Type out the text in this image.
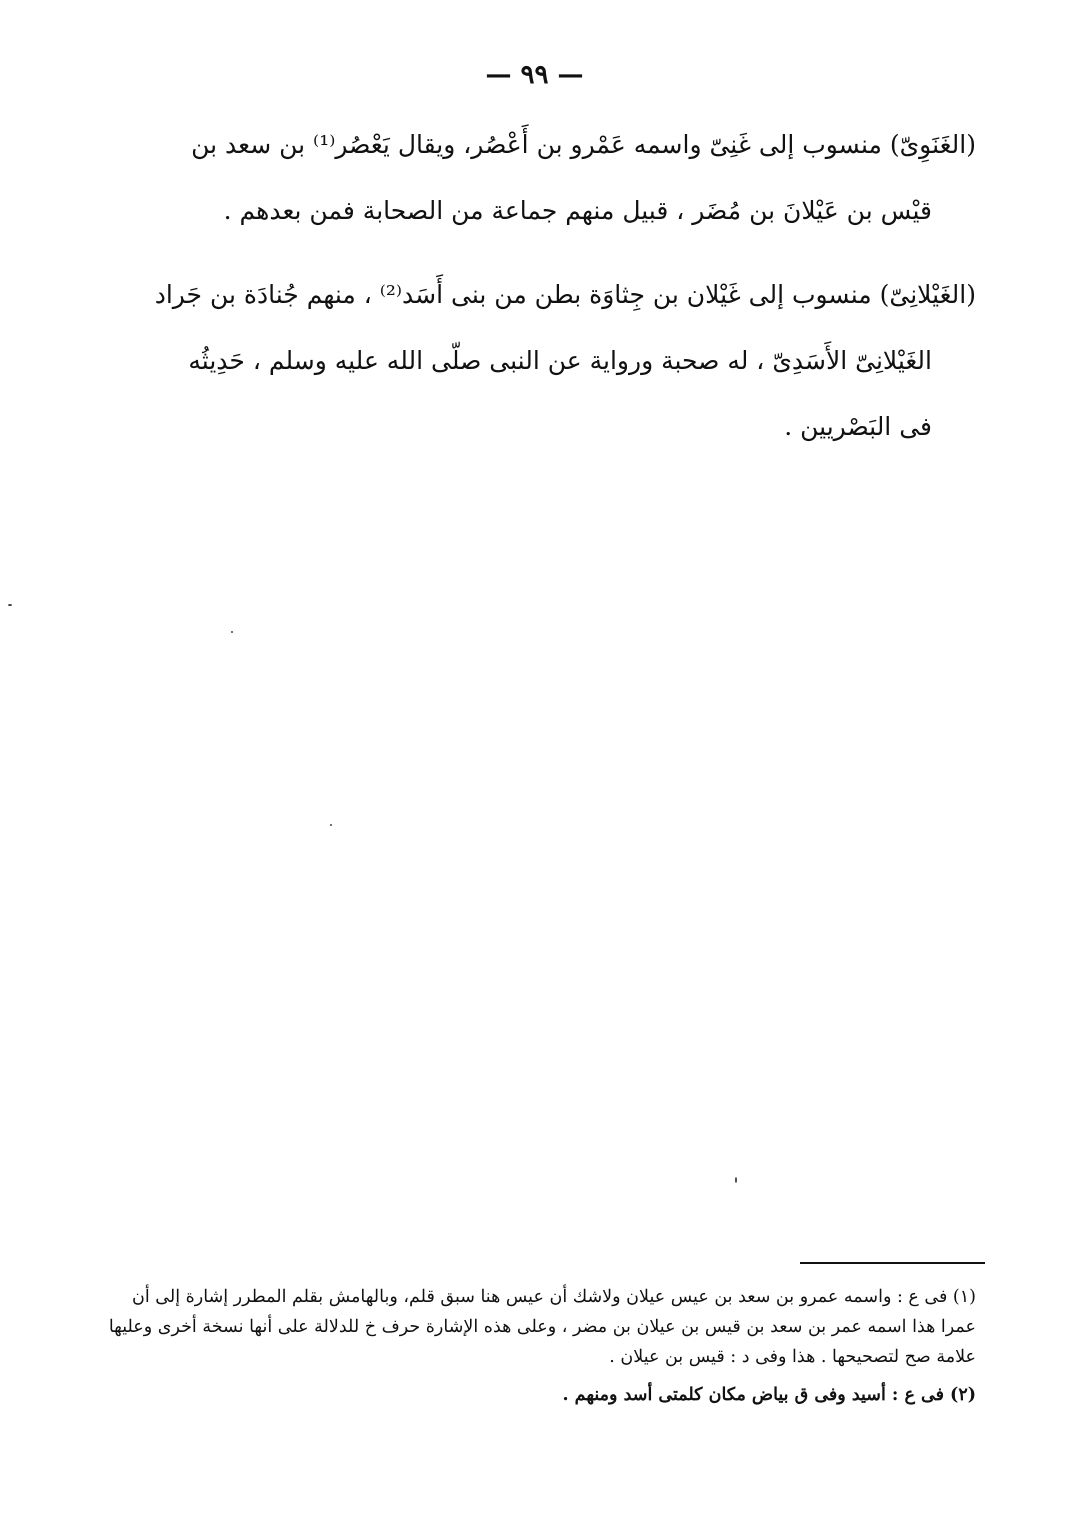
— ٩٩ —
(الغَنَوِىّ) منسوب إلى غَنِىّ واسمه عَمْرو بن أَعْصُر، ويقال يَعْصُر⁽¹⁾ بن سعد بن
قيْس بن عَيْلانَ بن مُضَر ، قبيل منهم جماعة من الصحابة فمن بعدهم .
(الغَيْلانِىّ) منسوب إلى غَيْلان بن جِثاوَة بطن من بنى أَسَد⁽²⁾ ، منهم جُنادَة بن جَراد
الغَيْلانِىّ الأَسَدِىّ ، له صحبة ورواية عن النبى صلّى الله عليه وسلم ، حَدِيثُه
فى البَصْريين .
(١) فى ع : واسمه عمرو بن سعد بن عيس عيلان ولاشك أن عيس هنا سبق قلم، وبالهامش بقلم المطرر إشارة إلى أن
عمرا هذا اسمه عمر بن سعد بن قيس بن عيلان بن مضر ، وعلى هذه الإشارة حرف خ للدلالة على أنها نسخة أخرى وعليها
علامة صح لتصحيحها . هذا وفى د : قيس بن عيلان .
(٢) فى ع : أسيد وفى ق بياض مكان كلمتى أسد ومنهم .
